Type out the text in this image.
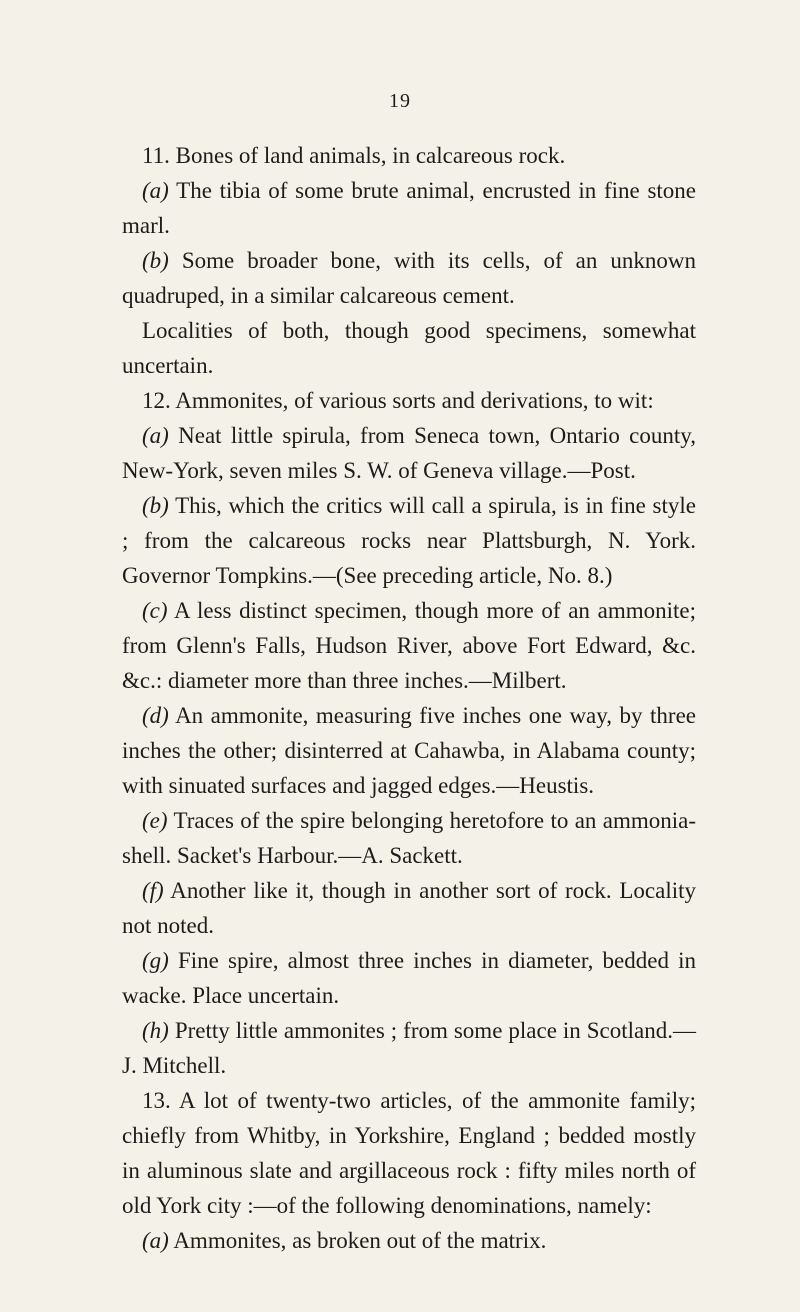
19

11. Bones of land animals, in calcareous rock.

(a) The tibia of some brute animal, encrusted in fine stone marl.

(b) Some broader bone, with its cells, of an unknown quadruped, in a similar calcareous cement.

Localities of both, though good specimens, somewhat uncertain.

12. Ammonites, of various sorts and derivations, to wit:

(a) Neat little spirula, from Seneca town, Ontario county, New-York, seven miles S. W. of Geneva village.—Post.

(b) This, which the critics will call a spirula, is in fine style ; from the calcareous rocks near Plattsburgh, N. York. Governor Tompkins.—(See preceding article, No. 8.)

(c) A less distinct specimen, though more of an ammonite; from Glenn's Falls, Hudson River, above Fort Edward, &c. &c.: diameter more than three inches.—Milbert.

(d) An ammonite, measuring five inches one way, by three inches the other; disinterred at Cahawba, in Alabama county; with sinuated surfaces and jagged edges.—Heustis.

(e) Traces of the spire belonging heretofore to an ammonia-shell. Sacket's Harbour.—A. Sackett.

(f) Another like it, though in another sort of rock. Locality not noted.

(g) Fine spire, almost three inches in diameter, bedded in wacke. Place uncertain.

(h) Pretty little ammonites ; from some place in Scotland.—J. Mitchell.

13. A lot of twenty-two articles, of the ammonite family; chiefly from Whitby, in Yorkshire, England ; bedded mostly in aluminous slate and argillaceous rock : fifty miles north of old York city :—of the following denominations, namely:

(a) Ammonites, as broken out of the matrix.
